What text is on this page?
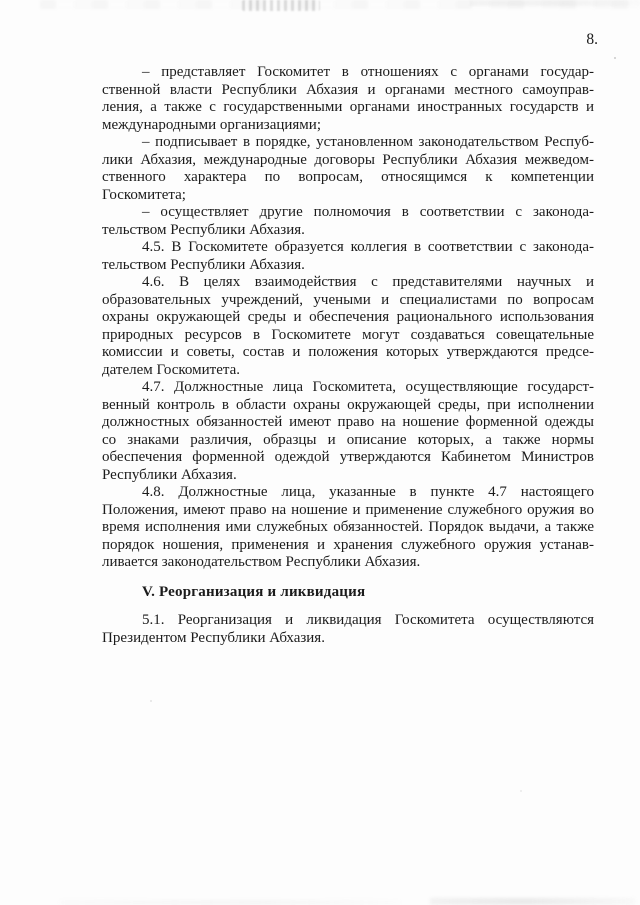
8.
– представляет Госкомитет в отношениях с органами государ-
ственной власти Республики Абхазия и органами местного самоуправ-
ления, а также с государственными органами иностранных государств и
международными организациями;
– подписывает в порядке, установленном законодательством Респуб-
лики Абхазия, международные договоры Республики Абхазия межведом-
ственного характера по вопросам, относящимся к компетенции
Госкомитета;
– осуществляет другие полномочия в соответствии с законода-
тельством Республики Абхазия.
4.5. В Госкомитете образуется коллегия в соответствии с законода-
тельством Республики Абхазия.
4.6. В целях взаимодействия с представителями научных и
образовательных учреждений, учеными и специалистами по вопросам
охраны окружающей среды и обеспечения рационального использования
природных ресурсов в Госкомитете могут создаваться совещательные
комиссии и советы, состав и положения которых утверждаются предсе-
дателем Госкомитета.
4.7. Должностные лица Госкомитета, осуществляющие государст-
венный контроль в области охраны окружающей среды, при исполнении
должностных обязанностей имеют право на ношение форменной одежды
со знаками различия, образцы и описание которых, а также нормы
обеспечения форменной одеждой утверждаются Кабинетом Министров
Республики Абхазия.
4.8. Должностные лица, указанные в пункте 4.7 настоящего
Положения, имеют право на ношение и применение служебного оружия во
время исполнения ими служебных обязанностей. Порядок выдачи, а также
порядок ношения, применения и хранения служебного оружия устанав-
ливается законодательством Республики Абхазия.
V. Реорганизация и ликвидация
5.1. Реорганизация и ликвидация Госкомитета осуществляются
Президентом Республики Абхазия.
